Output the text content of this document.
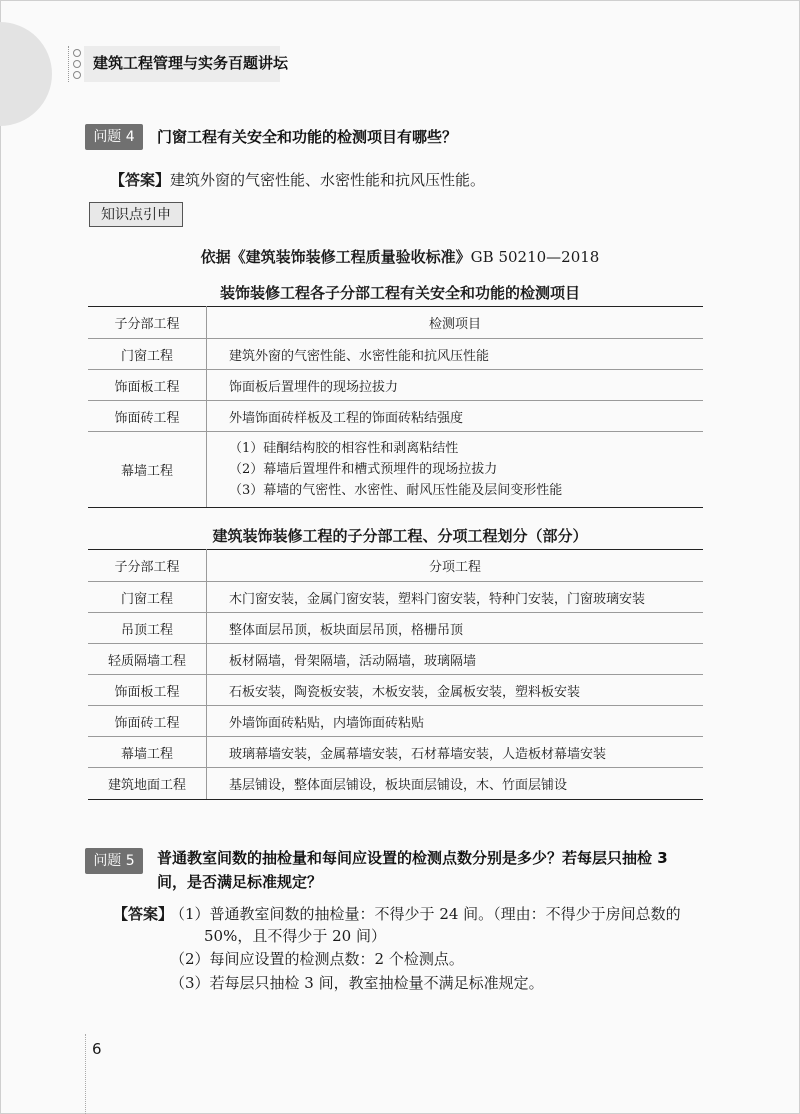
建筑工程管理与实务百题讲坛
问题 4	门窗工程有关安全和功能的检测项目有哪些？
【答案】建筑外窗的气密性能、水密性能和抗风压性能。
知识点引申
依据《建筑装饰装修工程质量验收标准》GB 50210—2018
装饰装修工程各子分部工程有关安全和功能的检测项目
子分部工程	检测项目
门窗工程	建筑外窗的气密性能、水密性能和抗风压性能
饰面板工程	饰面板后置埋件的现场拉拔力
饰面砖工程	外墙饰面砖样板及工程的饰面砖粘结强度
幕墙工程	（1）硅酮结构胶的相容性和剥离粘结性
（2）幕墙后置埋件和槽式预埋件的现场拉拔力
（3）幕墙的气密性、水密性、耐风压性能及层间变形性能
建筑装饰装修工程的子分部工程、分项工程划分（部分）
子分部工程	分项工程
门窗工程	木门窗安装，金属门窗安装，塑料门窗安装，特种门安装，门窗玻璃安装
吊顶工程	整体面层吊顶，板块面层吊顶，格栅吊顶
轻质隔墙工程	板材隔墙，骨架隔墙，活动隔墙，玻璃隔墙
饰面板工程	石板安装，陶瓷板安装，木板安装，金属板安装，塑料板安装
饰面砖工程	外墙饰面砖粘贴，内墙饰面砖粘贴
幕墙工程	玻璃幕墙安装，金属幕墙安装，石材幕墙安装，人造板材幕墙安装
建筑地面工程	基层铺设，整体面层铺设，板块面层铺设，木、竹面层铺设
问题 5	普通教室间数的抽检量和每间应设置的检测点数分别是多少？若每层只抽检 3
间，是否满足标准规定？
【答案】
（1）普通教室间数的抽检量：不得少于 24 间。（理由：不得少于房间总数的
50%，且不得少于 20 间）
（2）每间应设置的检测点数：2 个检测点。
（3）若每层只抽检 3 间，教室抽检量不满足标准规定。
6
